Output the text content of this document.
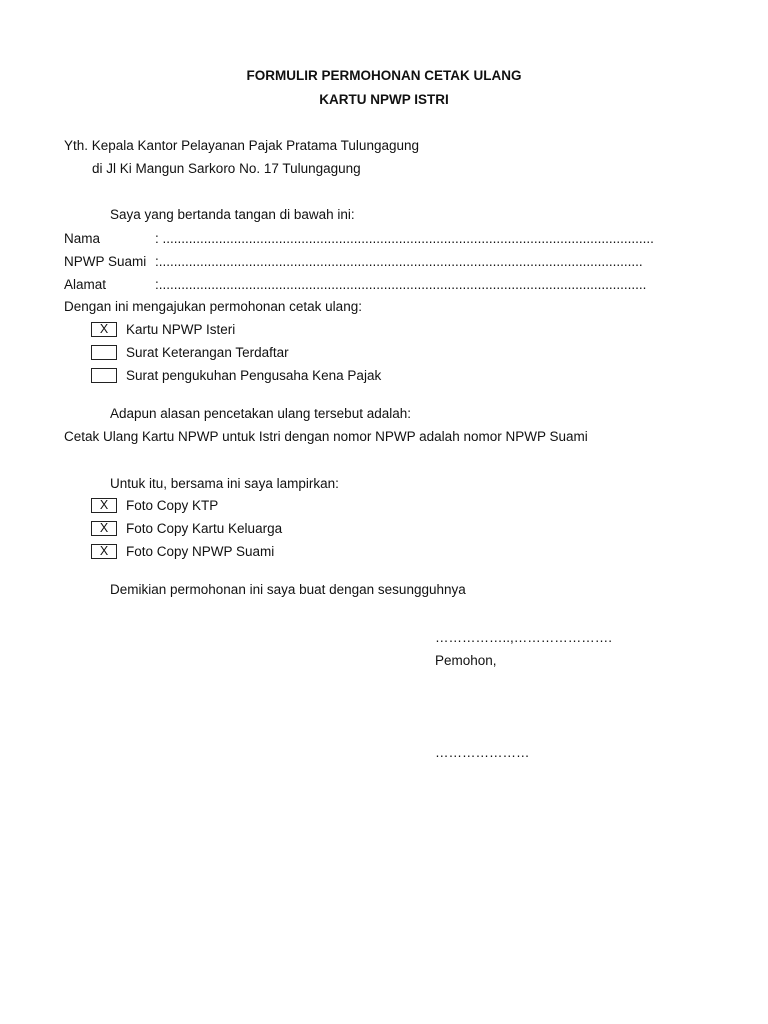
FORMULIR PERMOHONAN CETAK ULANG
KARTU NPWP ISTRI
Yth. Kepala Kantor Pelayanan Pajak Pratama Tulungagung
di Jl Ki Mangun Sarkoro No. 17 Tulungagung
Saya yang bertanda tangan di bawah ini:
Nama	: ...................................................................................................................................
NPWP Suami :.................................................................................................................................
Alamat	:..................................................................................................................................
Dengan ini mengajukan permohonan cetak ulang:
X	Kartu NPWP Isteri
Surat Keterangan Terdaftar
Surat pengukuhan Pengusaha Kena Pajak
Adapun alasan pencetakan ulang tersebut adalah:
Cetak Ulang Kartu NPWP untuk Istri dengan nomor NPWP adalah nomor NPWP Suami
Untuk itu, bersama ini saya lampirkan:
X	Foto Copy KTP
X	Foto Copy Kartu Keluarga
X	Foto Copy NPWP Suami
Demikian permohonan ini saya buat dengan sesungguhnya
……………..,………………….
Pemohon,
…………………
